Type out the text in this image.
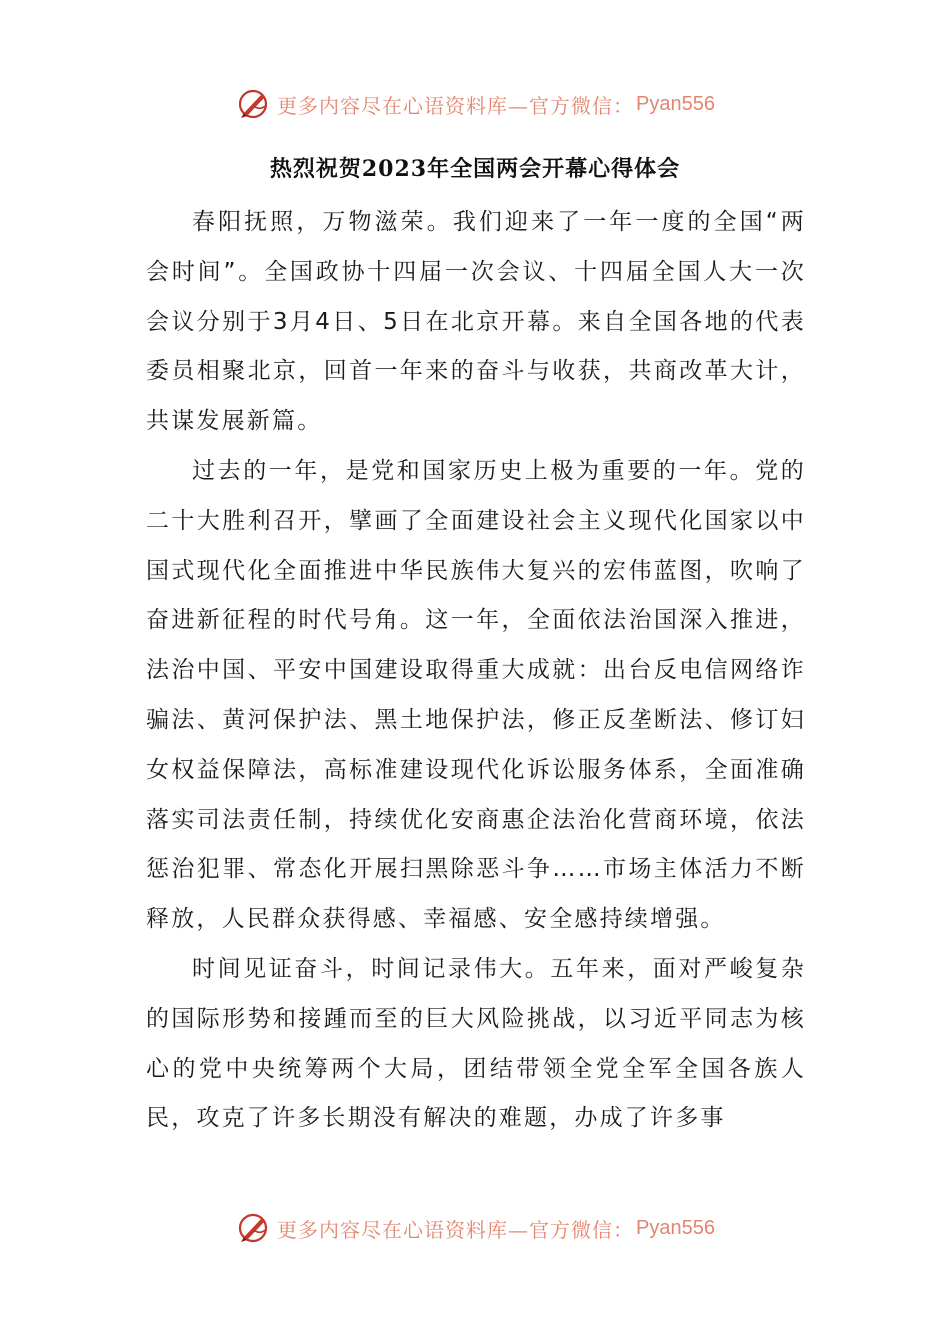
更多内容尽在心语资料库—官方微信： Pyan556
热烈祝贺2023年全国两会开幕心得体会

春阳抚照，万物滋荣。我们迎来了一年一度的全国“两会时间”。全国政协十四届一次会议、十四届全国人大一次会议分别于3月4日、5日在北京开幕。来自全国各地的代表委员相聚北京，回首一年来的奋斗与收获，共商改革大计，共谋发展新篇。

过去的一年，是党和国家历史上极为重要的一年。党的二十大胜利召开，擘画了全面建设社会主义现代化国家以中国式现代化全面推进中华民族伟大复兴的宏伟蓝图，吹响了奋进新征程的时代号角。这一年，全面依法治国深入推进，法治中国、平安中国建设取得重大成就：出台反电信网络诈骗法、黄河保护法、黑土地保护法，修正反垄断法、修订妇女权益保障法，高标准建设现代化诉讼服务体系，全面准确落实司法责任制，持续优化安商惠企法治化营商环境，依法惩治犯罪、常态化开展扫黑除恶斗争……市场主体活力不断释放，人民群众获得感、幸福感、安全感持续增强。

时间见证奋斗，时间记录伟大。五年来，面对严峻复杂的国际形势和接踵而至的巨大风险挑战，以习近平同志为核心的党中央统筹两个大局，团结带领全党全军全国各族人民，攻克了许多长期没有解决的难题，办成了许多事

更多内容尽在心语资料库—官方微信： Pyan556
